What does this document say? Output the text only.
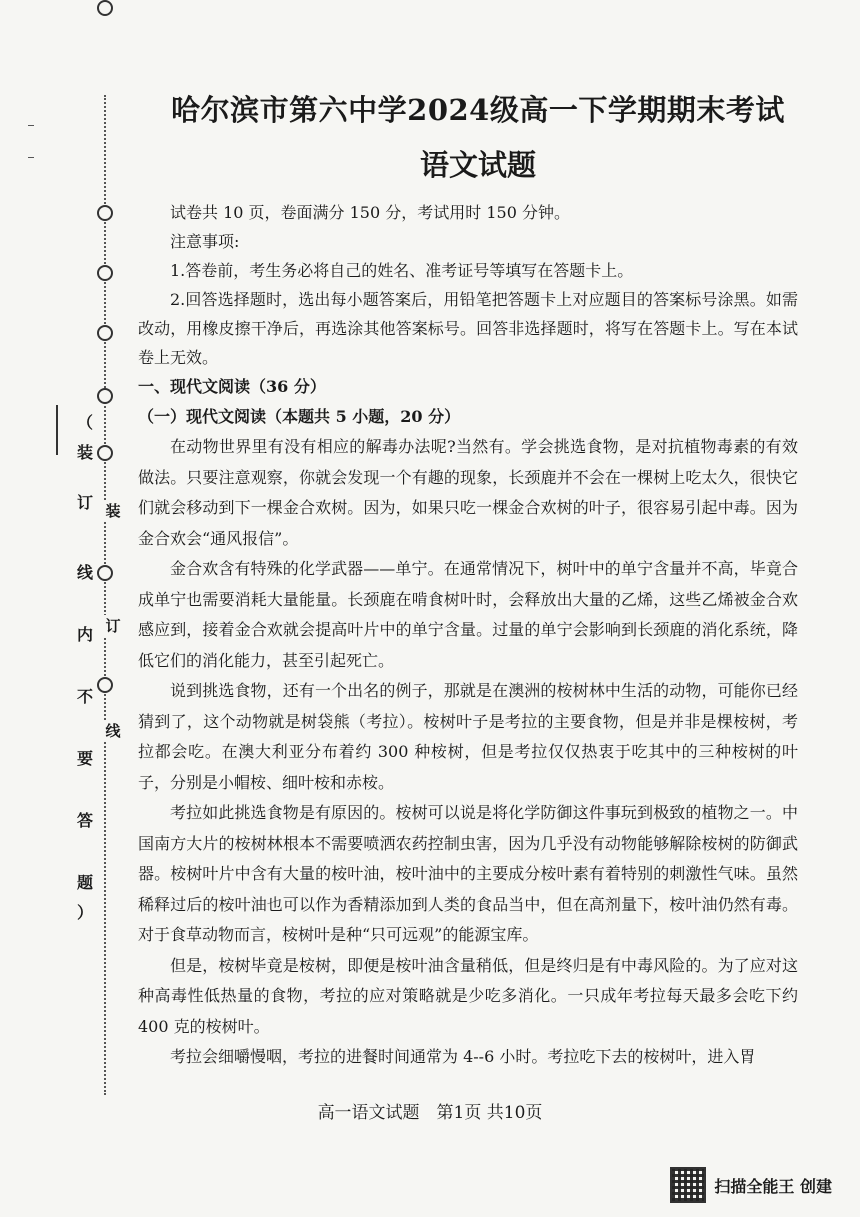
（
装
订
线
内
不
要
答
题
）
装
订
线
哈尔滨市第六中学2024级高一下学期期末考试
语文试题

试卷共 10 页，卷面满分 150 分，考试用时 150 分钟。

注意事项:

1.答卷前，考生务必将自己的姓名、准考证号等填写在答题卡上。

2.回答选择题时，选出每小题答案后，用铅笔把答题卡上对应题目的答案标号涂黑。如需改动，用橡皮擦干净后，再选涂其他答案标号。回答非选择题时，将写在答题卡上。写在本试卷上无效。

一、现代文阅读（36 分）

（一）现代文阅读（本题共 5 小题，20 分）

在动物世界里有没有相应的解毒办法呢?当然有。学会挑选食物，是对抗植物毒素的有效做法。只要注意观察，你就会发现一个有趣的现象，长颈鹿并不会在一棵树上吃太久，很快它们就会移动到下一棵金合欢树。因为，如果只吃一棵金合欢树的叶子，很容易引起中毒。因为金合欢会“通风报信”。

金合欢含有特殊的化学武器——单宁。在通常情况下，树叶中的单宁含量并不高，毕竟合成单宁也需要消耗大量能量。长颈鹿在啃食树叶时，会释放出大量的乙烯，这些乙烯被金合欢感应到，接着金合欢就会提高叶片中的单宁含量。过量的单宁会影响到长颈鹿的消化系统，降低它们的消化能力，甚至引起死亡。

说到挑选食物，还有一个出名的例子，那就是在澳洲的桉树林中生活的动物，可能你已经猜到了，这个动物就是树袋熊（考拉）。桉树叶子是考拉的主要食物，但是并非是棵桉树，考拉都会吃。在澳大利亚分布着约 300 种桉树，但是考拉仅仅热衷于吃其中的三种桉树的叶子，分别是小帽桉、细叶桉和赤桉。

考拉如此挑选食物是有原因的。桉树可以说是将化学防御这件事玩到极致的植物之一。中国南方大片的桉树林根本不需要喷洒农药控制虫害，因为几乎没有动物能够解除桉树的防御武器。桉树叶片中含有大量的桉叶油，桉叶油中的主要成分桉叶素有着特别的刺激性气味。虽然稀释过后的桉叶油也可以作为香精添加到人类的食品当中，但在高剂量下，桉叶油仍然有毒。对于食草动物而言，桉树叶是种“只可远观”的能源宝库。

但是，桉树毕竟是桉树，即便是桉叶油含量稍低，但是终归是有中毒风险的。为了应对这种高毒性低热量的食物，考拉的应对策略就是少吃多消化。一只成年考拉每天最多会吃下约 400 克的桉树叶。

考拉会细嚼慢咽，考拉的进餐时间通常为 4--6 小时。考拉吃下去的桉树叶，进入胃

高一语文试题　第1页 共10页
扫描全能王 创建
